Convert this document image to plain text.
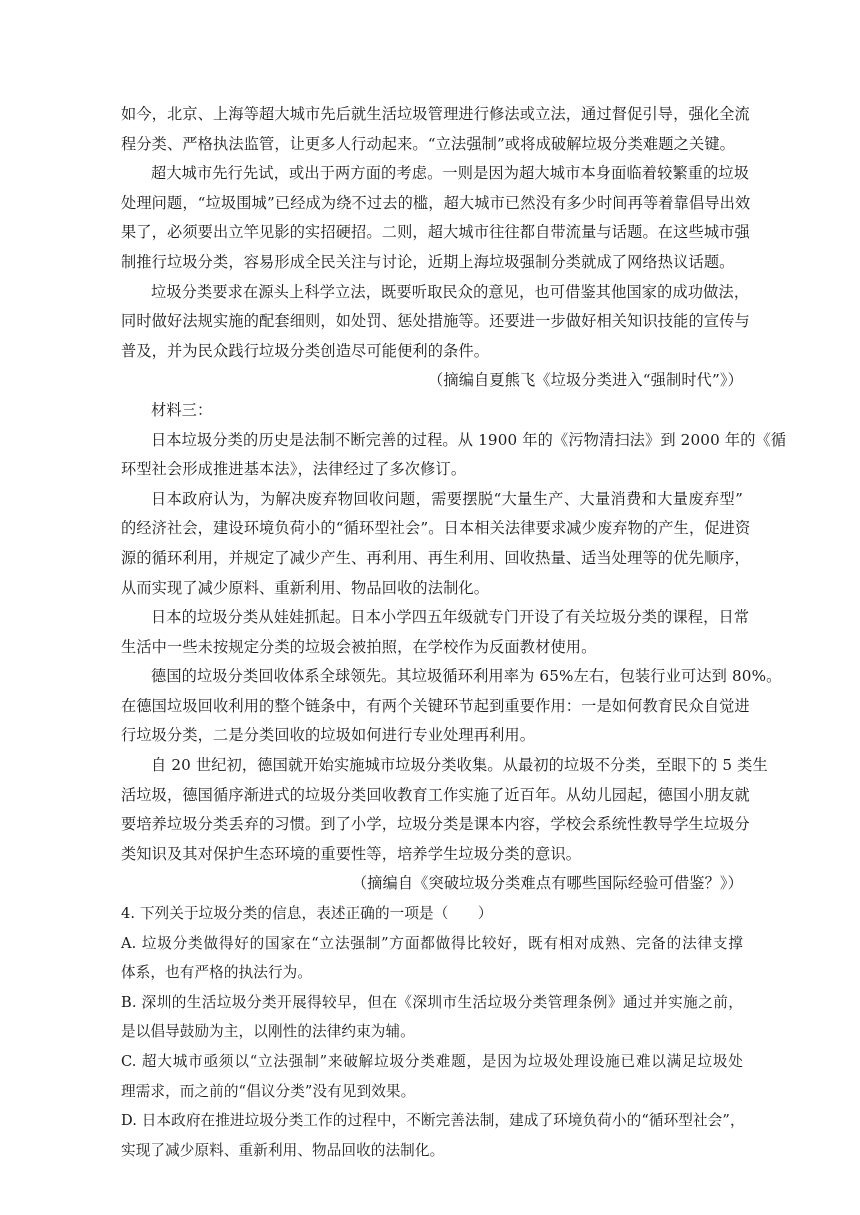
如今，北京、上海等超大城市先后就生活垃圾管理进行修法或立法，通过督促引导，强化全流
程分类、严格执法监管，让更多人行动起来。“立法强制”或将成破解垃圾分类难题之关键。
超大城市先行先试，或出于两方面的考虑。一则是因为超大城市本身面临着较繁重的垃圾
处理问题，“垃圾围城”已经成为绕不过去的槛，超大城市已然没有多少时间再等着靠倡导出效
果了，必须要出立竿见影的实招硬招。二则，超大城市往往都自带流量与话题。在这些城市强
制推行垃圾分类，容易形成全民关注与讨论，近期上海垃圾强制分类就成了网络热议话题。
垃圾分类要求在源头上科学立法，既要听取民众的意见，也可借鉴其他国家的成功做法，
同时做好法规实施的配套细则，如处罚、惩处措施等。还要进一步做好相关知识技能的宣传与
普及，并为民众践行垃圾分类创造尽可能便利的条件。
（摘编自夏熊飞《垃圾分类进入“强制时代”》）
材料三：
日本垃圾分类的历史是法制不断完善的过程。从 1900 年的《污物清扫法》到 2000 年的《循
环型社会形成推进基本法》，法律经过了多次修订。
日本政府认为，为解决废弃物回收问题，需要摆脱“大量生产、大量消费和大量废弃型”
的经济社会，建设环境负荷小的“循环型社会”。日本相关法律要求减少废弃物的产生，促进资
源的循环利用，并规定了减少产生、再利用、再生利用、回收热量、适当处理等的优先顺序，
从而实现了减少原料、重新利用、物品回收的法制化。
日本的垃圾分类从娃娃抓起。日本小学四五年级就专门开设了有关垃圾分类的课程，日常
生活中一些未按规定分类的垃圾会被拍照，在学校作为反面教材使用。
德国的垃圾分类回收体系全球领先。其垃圾循环利用率为 65%左右，包装行业可达到 80%。
在德国垃圾回收利用的整个链条中，有两个关键环节起到重要作用：一是如何教育民众自觉进
行垃圾分类，二是分类回收的垃圾如何进行专业处理再利用。
自 20 世纪初，德国就开始实施城市垃圾分类收集。从最初的垃圾不分类，至眼下的 5 类生
活垃圾，德国循序渐进式的垃圾分类回收教育工作实施了近百年。从幼儿园起，德国小朋友就
要培养垃圾分类丢弃的习惯。到了小学，垃圾分类是课本内容，学校会系统性教导学生垃圾分
类知识及其对保护生态环境的重要性等，培养学生垃圾分类的意识。
（摘编自《突破垃圾分类难点有哪些国际经验可借鉴？》）
4. 下列关于垃圾分类的信息，表述正确的一项是（　　）
A. 垃圾分类做得好的国家在“立法强制”方面都做得比较好，既有相对成熟、完备的法律支撑
体系，也有严格的执法行为。
B. 深圳的生活垃圾分类开展得较早，但在《深圳市生活垃圾分类管理条例》通过并实施之前，
是以倡导鼓励为主，以刚性的法律约束为辅。
C. 超大城市亟须以“立法强制”来破解垃圾分类难题，是因为垃圾处理设施已难以满足垃圾处
理需求，而之前的“倡议分类”没有见到效果。
D. 日本政府在推进垃圾分类工作的过程中，不断完善法制，建成了环境负荷小的“循环型社会”，
实现了减少原料、重新利用、物品回收的法制化。
